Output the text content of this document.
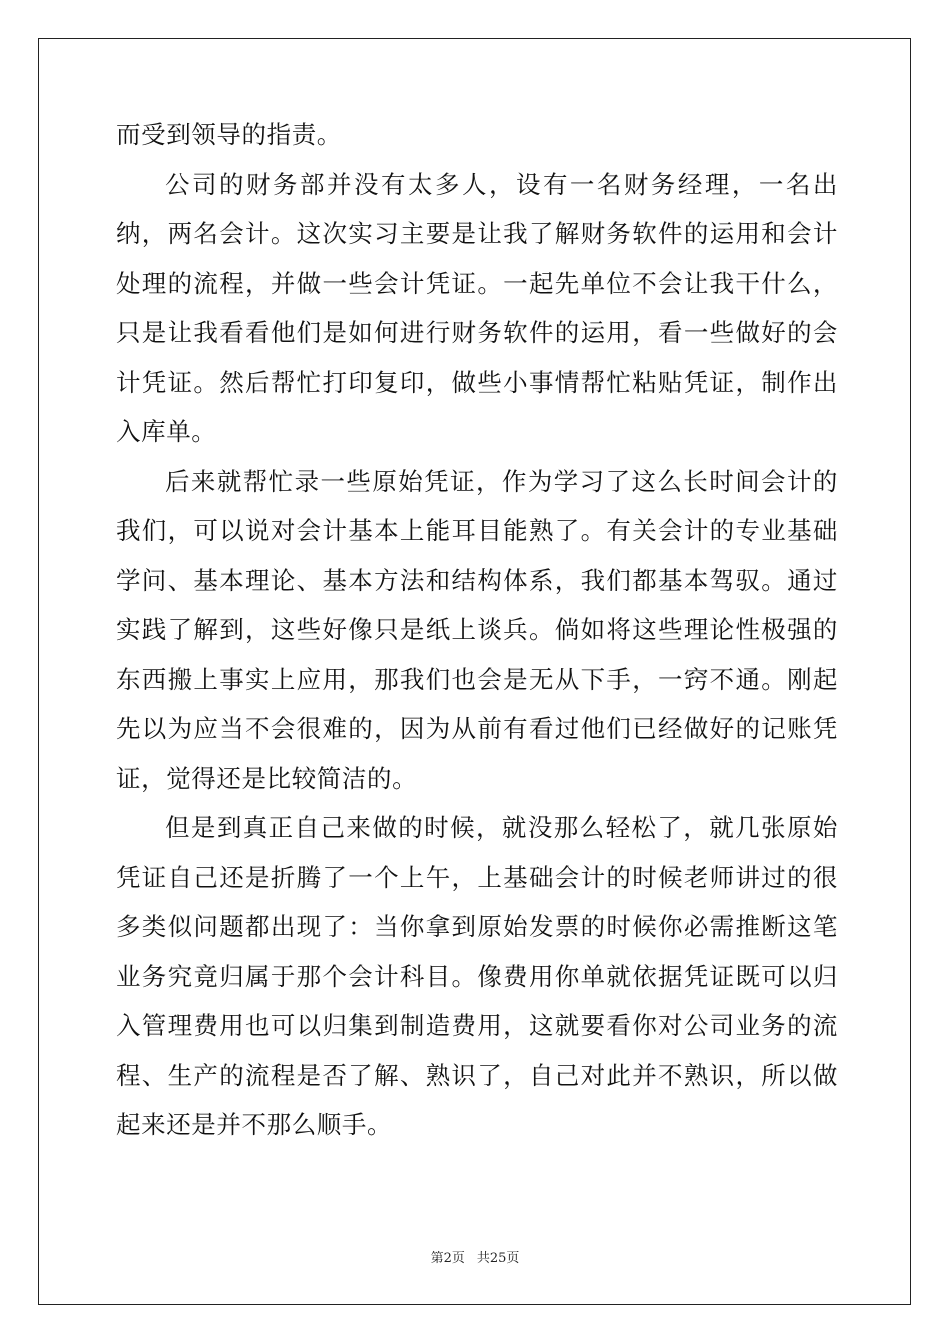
而受到领导的指责。

公司的财务部并没有太多人，设有一名财务经理，一名出纳，两名会计。这次实习主要是让我了解财务软件的运用和会计处理的流程，并做一些会计凭证。一起先单位不会让我干什么，只是让我看看他们是如何进行财务软件的运用，看一些做好的会计凭证。然后帮忙打印复印，做些小事情帮忙粘贴凭证，制作出入库单。

后来就帮忙录一些原始凭证，作为学习了这么长时间会计的我们，可以说对会计基本上能耳目能熟了。有关会计的专业基础学问、基本理论、基本方法和结构体系，我们都基本驾驭。通过实践了解到，这些好像只是纸上谈兵。倘如将这些理论性极强的东西搬上事实上应用，那我们也会是无从下手，一窍不通。刚起先以为应当不会很难的，因为从前有看过他们已经做好的记账凭证，觉得还是比较简洁的。

但是到真正自己来做的时候，就没那么轻松了，就几张原始凭证自己还是折腾了一个上午，上基础会计的时候老师讲过的很多类似问题都出现了：当你拿到原始发票的时候你必需推断这笔业务究竟归属于那个会计科目。像费用你单就依据凭证既可以归入管理费用也可以归集到制造费用，这就要看你对公司业务的流程、生产的流程是否了解、熟识了，自己对此并不熟识，所以做起来还是并不那么顺手。

第2页 共25页
